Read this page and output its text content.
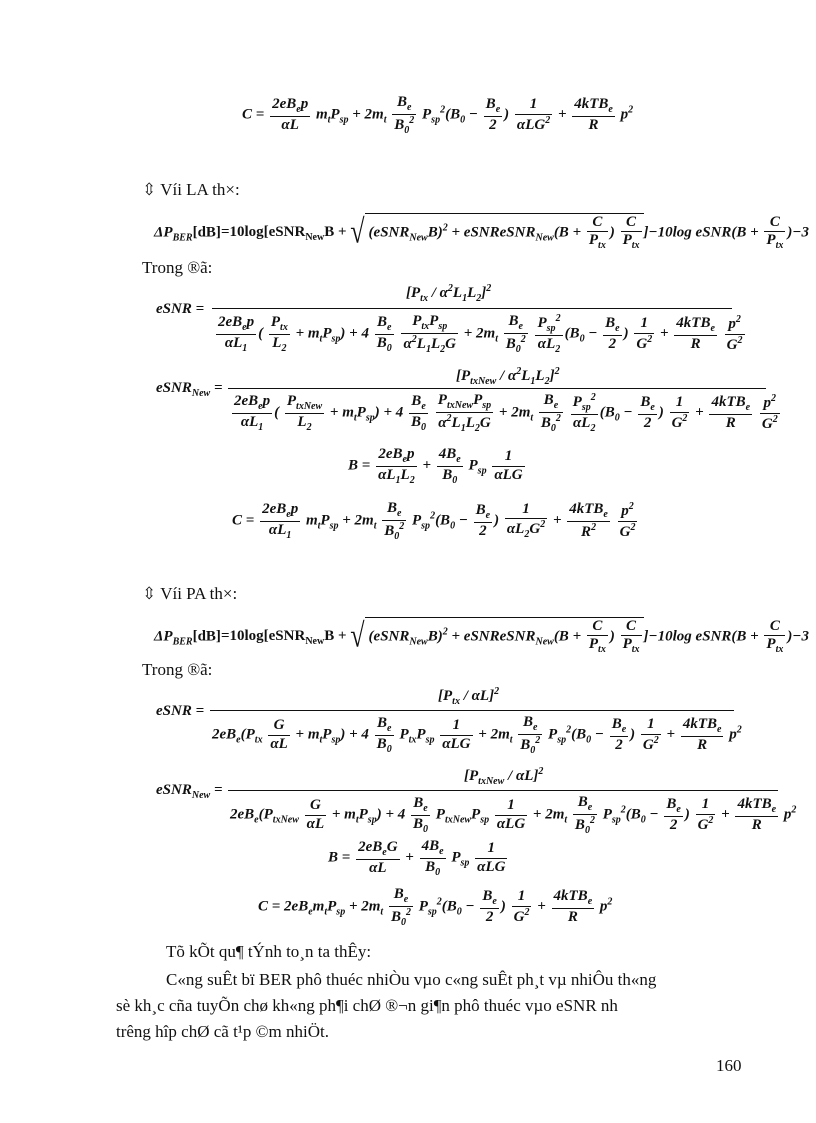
$C = \frac{2eB_ep}{\alpha L} m_tP_{sp} + 2m_t \frac{B_e}{B_0^2} P_{sp}^2(B_0 - \frac{B_e}{2}$ ) $\frac{1}{\alpha LG^2} + \frac{4kTB_e}{R} p^2$
⇳ Víi LA th×:
$\Delta P_{BER}[dB]=10\log[eSNR_{New}B$ + √ (eSNR$_{New}$B)$^2$ + eSNReSNR$_{New}$(B + $\frac{C}{P_{tx}}$ ) $\frac{C}{P_{tx}} ]-10\log$ eSNR(B + $\frac{C}{P_{tx}} )-3$
Trong ®ã:
eSNR =
$[P_{tx} / \alpha^2L_1L_2]^2$
$\frac{2eB_ep}{\alpha L_1}$ ( $\frac{P_{tx}}{L_2} + m_tP_{sp}) + 4 \frac{B_e}{B_0}$
$\frac{P_{tx}P_{sp}}{\alpha^2L_1L_2G} + 2m_t \frac{B_e}{B_0^2}$
$\frac{P_{sp}^2}{\alpha L_2} (B_0 - \frac{B_e}{2}$ ) $\frac{1}{G^2} + \frac{4kTB_e}{R}$
$\frac{p^2}{G^2}$
eSNR$_{New}$ =
$[P_{txNew} / \alpha^2L_1L_2]^2$
$\frac{2eB_ep}{\alpha L_1}$ ( $\frac{P_{txNew}}{L_2} + m_tP_{sp}) + 4 \frac{B_e}{B_0}$
$\frac{P_{txNew}P_{sp}}{\alpha^2L_1L_2G} + 2m_t \frac{B_e}{B_0^2}$
$\frac{P_{sp}^2}{\alpha L_2} (B_0 - \frac{B_e}{2}$ ) $\frac{1}{G^2} + \frac{4kTB_e}{R}$
$\frac{p^2}{G^2}$
$B = \frac{2eB_ep}{\alpha L_1L_2} + \frac{4B_e}{B_0} P_{sp} \frac{1}{\text{αLG}}$
$C = \frac{2eB_ep}{\alpha L_1} m_tP_{sp} + 2m_t \frac{B_e}{B_0^2} P_{sp}^2(B_0 - \frac{B_e}{2}$ ) $\frac{1}{\alpha L_2G^2} + \frac{4kTB_e}{R^2}$
$\frac{p^2}{G^2}$
⇳ Víi PA th×:
$\Delta P_{BER}[dB]=10\log[eSNR_{New}B$ + √ (eSNR$_{New}$B)$^2$ + eSNReSNR$_{New}$(B + $\frac{C}{P_{tx}}$ ) $\frac{C}{P_{tx}} ]-10\log$ eSNR(B + $\frac{C}{P_{tx}} )-3$
Trong ®ã:
eSNR =
$[P_{tx} / \alpha L]^2$
$2eB_e(P_{tx} \frac{G}{\alpha L} + m_tP_{sp}) + 4 \frac{B_e}{B_0} P_{tx}P_{sp} \frac{1}{\text{αLG}} + 2m_t \frac{B_e}{B_0^2} P_{sp}^2(B_0 - \frac{B_e}{2}$ ) $\frac{1}{G^2} + \frac{4kTB_e}{R} p^2$
eSNR$_{New}$ =
$[P_{txNew} / \alpha L]^2$
$2eB_e(P_{txNew} \frac{G}{\alpha L} + m_tP_{sp}) + 4 \frac{B_e}{B_0} P_{txNew}P_{sp} \frac{1}{\text{αLG}} + 2m_t \frac{B_e}{B_0^2} P_{sp}^2(B_0 - \frac{B_e}{2}$ ) $\frac{1}{G^2} + \frac{4kTB_e}{R} p^2$
$B = \frac{2eB_eG}{\alpha L} + \frac{4B_e}{B_0} P_{sp} \frac{1}{\text{αLG}}$
$C = 2eB_em_tP_{sp} + 2m_t \frac{B_e}{B_0^2} P_{sp}^2(B_0 - \frac{B_e}{2}$ ) $\frac{1}{G^2} + \frac{4kTB_e}{R} p^2$
Tõ kÕt qu¶ tÝnh to¸n ta thÊy:
C«ng suÊt bï BER phô thuéc nhiÒu vµo c«ng suÊt ph¸t vµ nhiÔu th«ng
sè kh¸c cña tuyÕn chø kh«ng ph¶i chØ ®¬n gi¶n phô thuéc vµo eSNR nh
trêng hîp chØ cã t¹p ©m nhiÖt.
160
